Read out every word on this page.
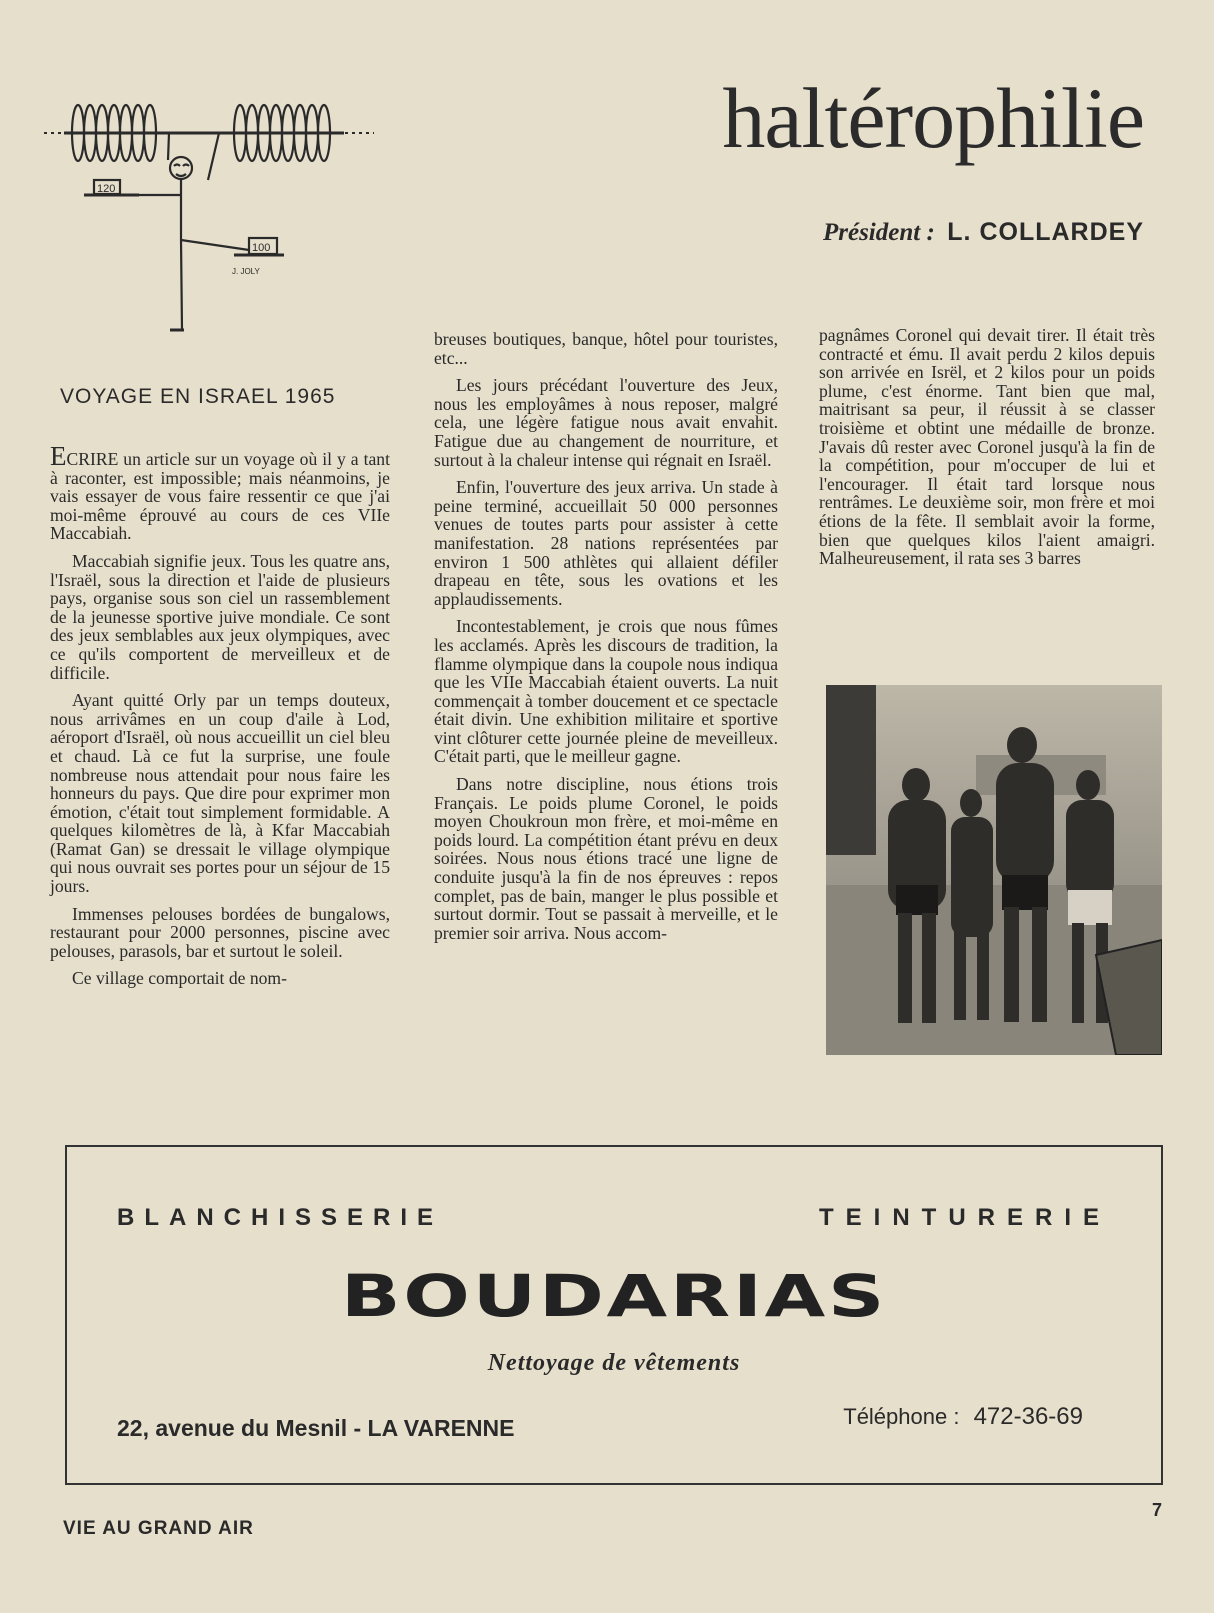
120
100
J. JOLY
haltérophilie

Président : L. COLLARDEY

VOYAGE EN ISRAEL 1965

ECRIRE un article sur un voyage où il y a tant à raconter, est impossible; mais néanmoins, je vais essayer de vous faire ressentir ce que j'ai moi-même éprouvé au cours de ces VIIe Maccabiah.

Maccabiah signifie jeux. Tous les quatre ans, l'Israël, sous la direction et l'aide de plusieurs pays, organise sous son ciel un rassemblement de la jeunesse sportive juive mondiale. Ce sont des jeux semblables aux jeux olympiques, avec ce qu'ils comportent de merveilleux et de difficile.

Ayant quitté Orly par un temps douteux, nous arrivâmes en un coup d'aile à Lod, aéroport d'Israël, où nous accueillit un ciel bleu et chaud. Là ce fut la surprise, une foule nombreuse nous attendait pour nous faire les honneurs du pays. Que dire pour exprimer mon émotion, c'était tout simplement formidable. A quelques kilomètres de là, à Kfar Maccabiah (Ramat Gan) se dressait le village olympique qui nous ouvrait ses portes pour un séjour de 15 jours.

Immenses pelouses bordées de bungalows, restaurant pour 2000 personnes, piscine avec pelouses, parasols, bar et surtout le soleil.

Ce village comportait de nom-

breuses boutiques, banque, hôtel pour touristes, etc...

Les jours précédant l'ouverture des Jeux, nous les employâmes à nous reposer, malgré cela, une légère fatigue nous avait envahit. Fatigue due au changement de nourriture, et surtout à la chaleur intense qui régnait en Israël.

Enfin, l'ouverture des jeux arriva. Un stade à peine terminé, accueillait 50 000 personnes venues de toutes parts pour assister à cette manifestation. 28 nations représentées par environ 1 500 athlètes qui allaient défiler drapeau en tête, sous les ovations et les applaudissements.

Incontestablement, je crois que nous fûmes les acclamés. Après les discours de tradition, la flamme olympique dans la coupole nous indiqua que les VIIe Maccabiah étaient ouverts. La nuit commençait à tomber doucement et ce spectacle était divin. Une exhibition militaire et sportive vint clôturer cette journée pleine de meveilleux. C'était parti, que le meilleur gagne.

Dans notre discipline, nous étions trois Français. Le poids plume Coronel, le poids moyen Choukroun mon frère, et moi-même en poids lourd. La compétition étant prévu en deux soirées. Nous nous étions tracé une ligne de conduite jusqu'à la fin de nos épreuves : repos complet, pas de bain, manger le plus possible et surtout dormir. Tout se passait à merveille, et le premier soir arriva. Nous accom-

pagnâmes Coronel qui devait tirer. Il était très contracté et ému. Il avait perdu 2 kilos depuis son arrivée en Isrël, et 2 kilos pour un poids plume, c'est énorme. Tant bien que mal, maitrisant sa peur, il réussit à se classer troisième et obtint une médaille de bronze. J'avais dû rester avec Coronel jusqu'à la fin de la compétition, pour m'occuper de lui et l'encourager. Il était tard lorsque nous rentrâmes. Le deuxième soir, mon frère et moi étions de la fête. Il semblait avoir la forme, bien que quelques kilos l'aient amaigri. Malheureusement, il rata ses 3 barres

BLANCHISSERIE	TEINTURERIE
BOUDARIAS
Nettoyage de vêtements
22, avenue du Mesnil - LA VARENNE	Téléphone : 472-36-69
VIE AU GRAND AIR
7
